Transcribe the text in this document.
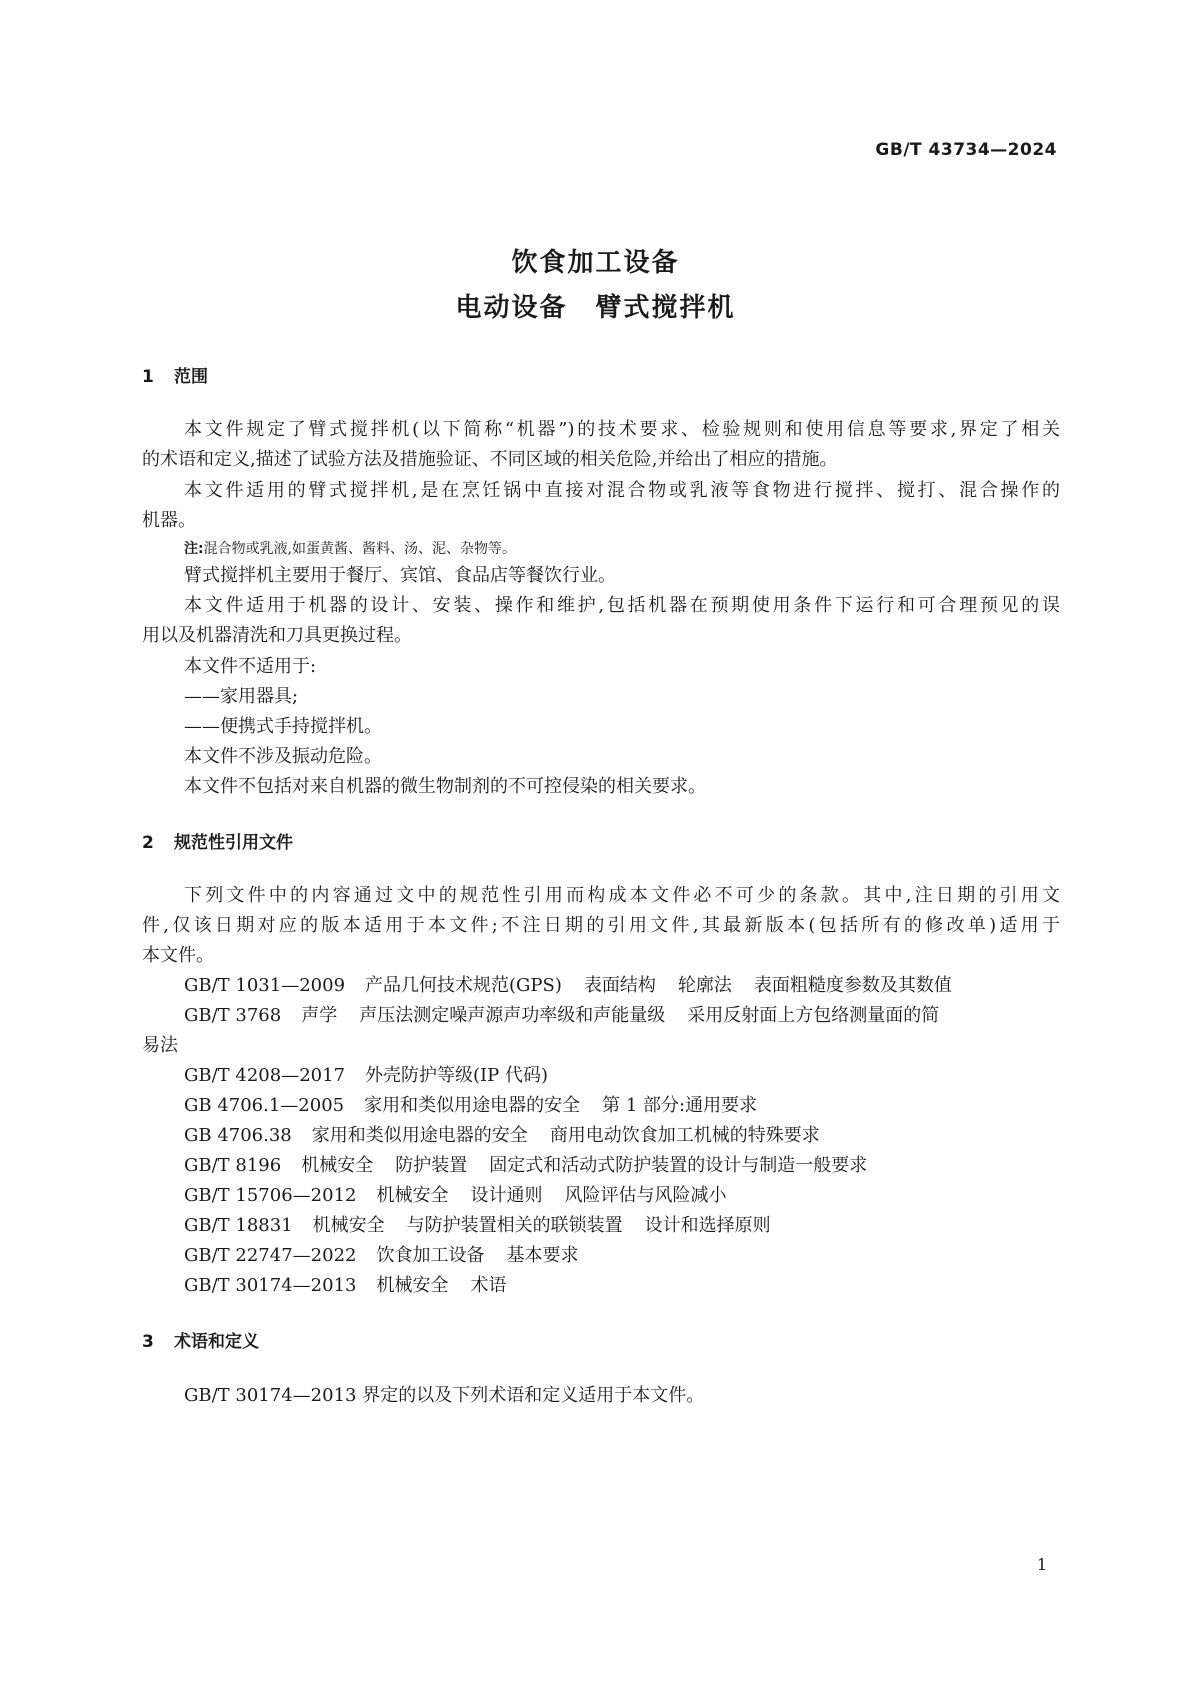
GB/T 43734—2024
饮食加工设备
电动设备　臂式搅拌机
1 范围
本文件规定了臂式搅拌机(以下简称“机器”)的技术要求、检验规则和使用信息等要求,界定了相关
的术语和定义,描述了试验方法及措施验证、不同区域的相关危险,并给出了相应的措施。
本文件适用的臂式搅拌机,是在烹饪锅中直接对混合物或乳液等食物进行搅拌、搅打、混合操作的
机器。
注:混合物或乳液,如蛋黄酱、酱料、汤、泥、杂物等。
臂式搅拌机主要用于餐厅、宾馆、食品店等餐饮行业。
本文件适用于机器的设计、安装、操作和维护,包括机器在预期使用条件下运行和可合理预见的误
用以及机器清洗和刀具更换过程。
本文件不适用于:
——家用器具;
——便携式手持搅拌机。
本文件不涉及振动危险。
本文件不包括对来自机器的微生物制剂的不可控侵染的相关要求。
2 规范性引用文件
下列文件中的内容通过文中的规范性引用而构成本文件必不可少的条款。其中,注日期的引用文
件,仅该日期对应的版本适用于本文件;不注日期的引用文件,其最新版本(包括所有的修改单)适用于
本文件。
GB/T 1031—2009 产品几何技术规范(GPS) 表面结构 轮廓法 表面粗糙度参数及其数值
GB/T 3768 声学 声压法测定噪声源声功率级和声能量级 采用反射面上方包络测量面的简
易法
GB/T 4208—2017 外壳防护等级(IP 代码)
GB 4706.1—2005 家用和类似用途电器的安全 第 1 部分:通用要求
GB 4706.38 家用和类似用途电器的安全 商用电动饮食加工机械的特殊要求
GB/T 8196 机械安全 防护装置 固定式和活动式防护装置的设计与制造一般要求
GB/T 15706—2012 机械安全 设计通则 风险评估与风险减小
GB/T 18831 机械安全 与防护装置相关的联锁装置 设计和选择原则
GB/T 22747—2022 饮食加工设备 基本要求
GB/T 30174—2013 机械安全 术语
3 术语和定义
GB/T 30174—2013 界定的以及下列术语和定义适用于本文件。
1
